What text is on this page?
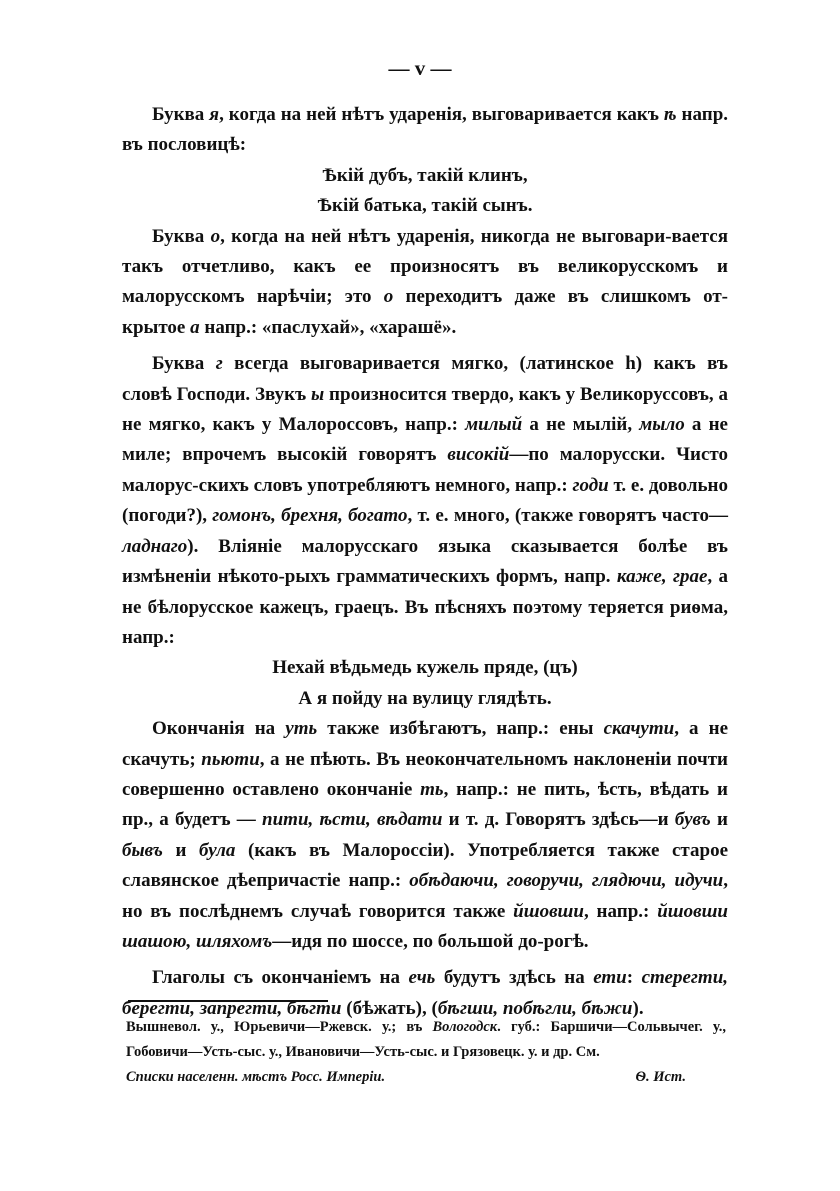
— v —

Буква я, когда на ней нѣтъ ударенія, выговаривается какъ ѣ напр. въ пословицѣ:

Ѣкій дубъ, такій клинъ,
Ѣкій батька, такій сынъ.

Буква о, когда на ней нѣтъ ударенія, никогда не выговари-вается такъ отчетливо, какъ ее произносятъ въ великорусскомъ и малорусскомъ нарѣчіи; это о переходитъ даже въ слишкомъ от-крытое а напр.: «паслухай», «харашё».

Буква г всегда выговаривается мягко, (латинское h) какъ въ словѣ Господи. Звукъ ы произносится твердо, какъ у Великоруссовъ, а не мягко, какъ у Малороссовъ, напр.: милый а не мылій, мыло а не миле; впрочемъ высокій говорятъ високій—по малорусски. Чисто малорус-скихъ словъ употребляютъ немного, напр.: годи т. е. довольно (погоди?), гомонъ, брехня, богато, т. е. много, (также говорятъ часто—ладнаго). Вліяніе малорусскаго языка сказывается болѣе въ измѣненіи нѣкото-рыхъ грамматическихъ формъ, напр. каже, грае, а не бѣлорусское кажецъ, граецъ. Въ пѣсняхъ поэтому теряется риѳма, напр.:

Нехай вѣдьмедь кужель пряде, (цъ)
А я пойду на вулицу глядѣть.

Окончанія на уть также избѣгаютъ, напр.: ены скачути, а не скачуть; пьюти, а не пѣють. Въ неокончательномъ наклоненіи почти совершенно оставлено окончаніе ть, напр.: не пить, ѣсть, вѣдать и пр., а будетъ — пити, ѣсти, вѣдати и т. д. Говорятъ здѣсь—и бувъ и бывъ и була (какъ въ Малороссіи). Употребляется также старое славянское дѣепричастіе напр.: обѣдаючи, говоручи, глядючи, идучи, но въ послѣднемъ случаѣ говорится также йшовши, напр.: йшовши шашою, шляхомъ—идя по шоссе, по большой до-рогѣ.

Глаголы съ окончаніемъ на ечь будутъ здѣсь на ети: стерегти, берегти, запрегти, бѣгти (бѣжать), (бѣгши, побѣгли, бѣжи).

Вышневол. у., Юрьевичи—Ржевск. у.; въ Вологодск. губ.: Баршичи—Сольвычег. у., Гобовичи—Усть-сыс. у., Ивановичи—Усть-сыс. и Грязовецк. у. и др. См.

Списки населенн. мѣстъ Росс. Имперіи.	Ѳ. Ист.
